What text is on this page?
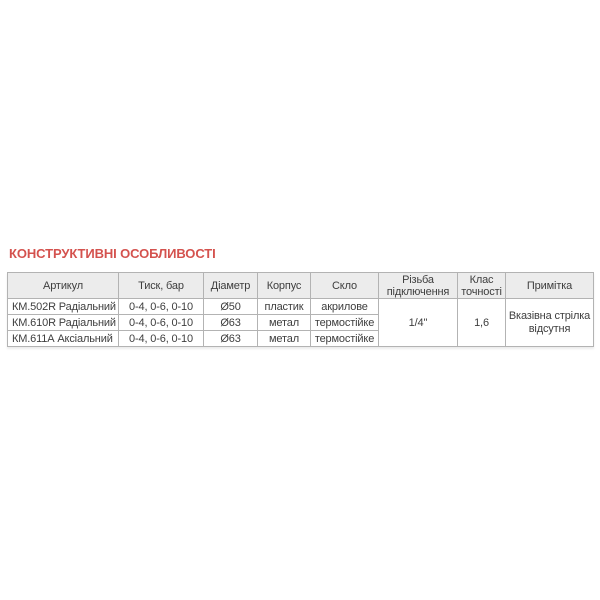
КОНСТРУКТИВНІ ОСОБЛИВОСТІ
Артикул	Тиск, бар	Діаметр	Корпус	Скло	Різьба підключення	Клас точності	Примітка
КМ.502R Радіальний	0-4, 0-6, 0-10	Ø50	пластик	акрилове	1/4''	1,6	Вказівна стрілка відсутня
КМ.610R Радіальний	0-4, 0-6, 0-10	Ø63	метал	термостійке			
КМ.611А Аксіальний	0-4, 0-6, 0-10	Ø63	метал	термостійке			
